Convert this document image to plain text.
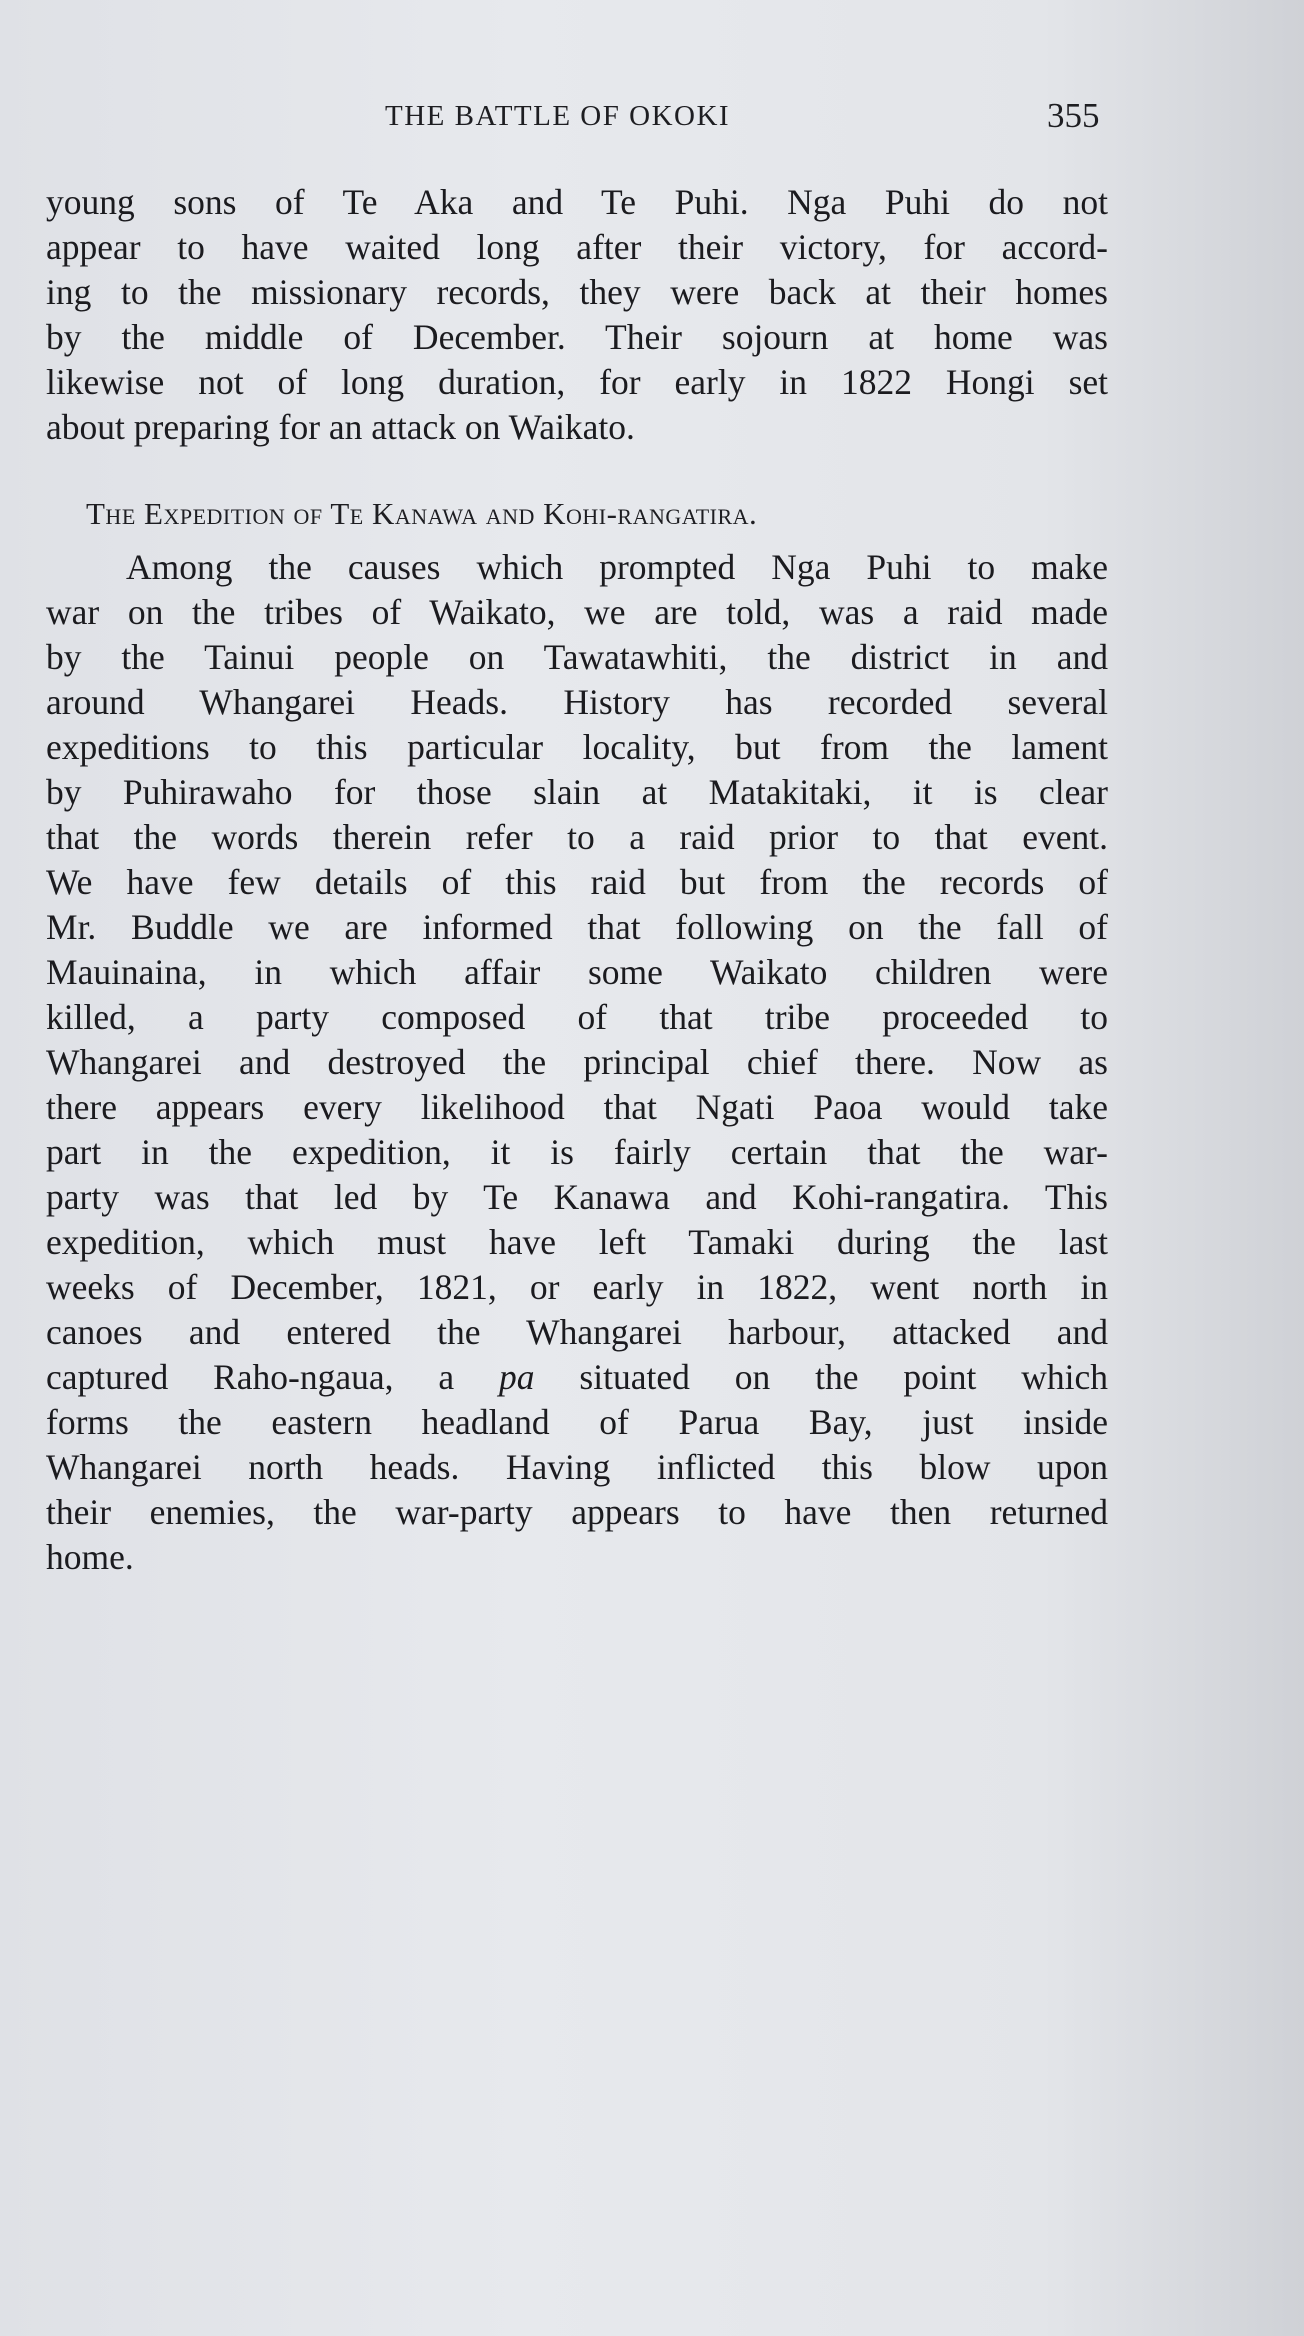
THE BATTLE OF OKOKI	355
young sons of Te Aka and Te Puhi. Nga Puhi do not
appear to have waited long after their victory, for accord-
ing to the missionary records, they were back at their homes
by the middle of December. Their sojourn at home was
likewise not of long duration, for early in 1822 Hongi set
about preparing for an attack on Waikato.
The Expedition of Te Kanawa and Kohi-rangatira.
Among the causes which prompted Nga Puhi to make
war on the tribes of Waikato, we are told, was a raid made
by the Tainui people on Tawatawhiti, the district in and
around Whangarei Heads. History has recorded several
expeditions to this particular locality, but from the lament
by Puhirawaho for those slain at Matakitaki, it is clear
that the words therein refer to a raid prior to that event.
We have few details of this raid but from the records of
Mr. Buddle we are informed that following on the fall of
Mauinaina, in which affair some Waikato children were
killed, a party composed of that tribe proceeded to
Whangarei and destroyed the principal chief there. Now as
there appears every likelihood that Ngati Paoa would take
part in the expedition, it is fairly certain that the war-
party was that led by Te Kanawa and Kohi-rangatira. This
expedition, which must have left Tamaki during the last
weeks of December, 1821, or early in 1822, went north in
canoes and entered the Whangarei harbour, attacked and
captured Raho-ngaua, a pa situated on the point which
forms the eastern headland of Parua Bay, just inside
Whangarei north heads. Having inflicted this blow upon
their enemies, the war-party appears to have then returned
home.
